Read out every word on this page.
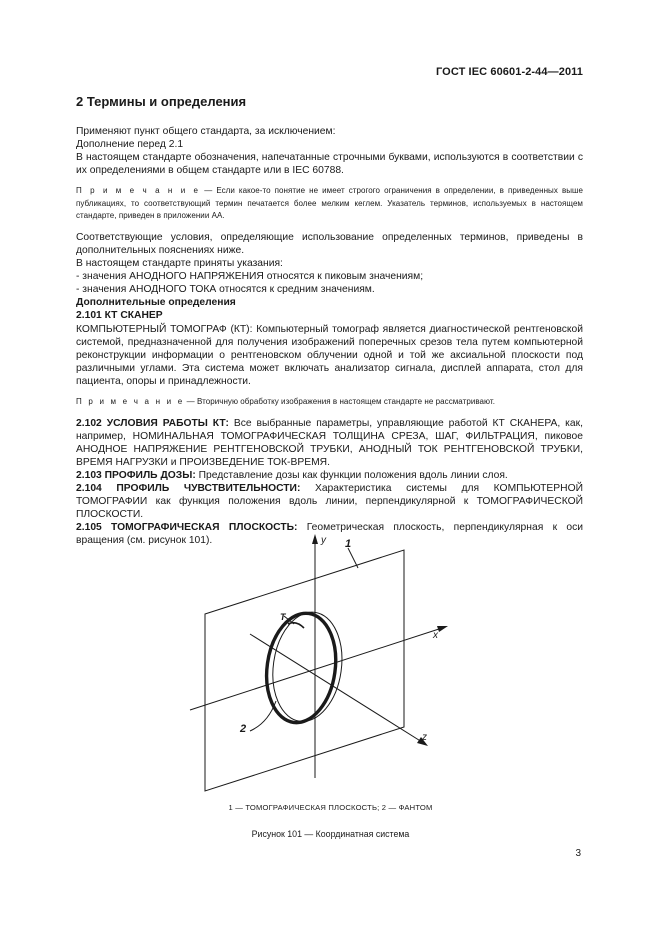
ГОСТ IEC 60601-2-44—2011
2 Термины и определения

Применяют пункт общего стандарта, за исключением:

Дополнение перед 2.1

В настоящем стандарте обозначения, напечатанные строчными буквами, используются в соответствии с их определениями в общем стандарте или в IEC 60788.

П р и м е ч а н и е — Если какое-то понятие не имеет строгого ограничения в определении, в приведенных выше публикациях, то соответствующий термин печатается более мелким кеглем. Указатель терминов, используемых в настоящем стандарте, приведен в приложении АА.

Соответствующие условия, определяющие использование определенных терминов, приведены в дополнительных пояснениях ниже.

В настоящем стандарте приняты указания:

- значения АНОДНОГО НАПРЯЖЕНИЯ относятся к пиковым значениям;

- значения АНОДНОГО ТОКА относятся к средним значениям.

Дополнительные определения

2.101 КТ СКАНЕР

КОМПЬЮТЕРНЫЙ ТОМОГРАФ (КТ): Компьютерный томограф является диагностической рентгеновской системой, предназначенной для получения изображений поперечных срезов тела путем компьютерной реконструкции информации о рентгеновском облучении одной и той же аксиальной плоскости под различными углами. Эта система может включать анализатор сигнала, дисплей аппарата, стол для пациента, опоры и принадлежности.

П р и м е ч а н и е — Вторичную обработку изображения в настоящем стандарте не рассматривают.

2.102 УСЛОВИЯ РАБОТЫ КТ: Все выбранные параметры, управляющие работой КТ СКАНЕРА, как, например, НОМИНАЛЬНАЯ ТОМОГРАФИЧЕСКАЯ ТОЛЩИНА СРЕЗА, ШАГ, ФИЛЬТРАЦИЯ, пиковое АНОДНОЕ НАПРЯЖЕНИЕ РЕНТГЕНОВСКОЙ ТРУБКИ, АНОДНЫЙ ТОК РЕНТГЕНОВСКОЙ ТРУБКИ, ВРЕМЯ НАГРУЗКИ и ПРОИЗВЕДЕНИЕ ТОК-ВРЕМЯ.

2.103 ПРОФИЛЬ ДОЗЫ: Представление дозы как функции положения вдоль линии слоя.

2.104 ПРОФИЛЬ ЧУВСТВИТЕЛЬНОСТИ: Характеристика системы для КОМПЬЮТЕРНОЙ ТОМОГРАФИИ как функция положения вдоль линии, перпендикулярной к ТОМОГРАФИЧЕСКОЙ ПЛОСКОСТИ.

2.105 ТОМОГРАФИЧЕСКАЯ ПЛОСКОСТЬ: Геометрическая плоскость, перпендикулярная к оси вращения (см. рисунок 101).	y
x
z
1
2
T
1 — ТОМОГРАФИЧЕСКАЯ ПЛОСКОСТЬ; 2 — ФАНТОМ
Рисунок 101 — Координатная система
3
